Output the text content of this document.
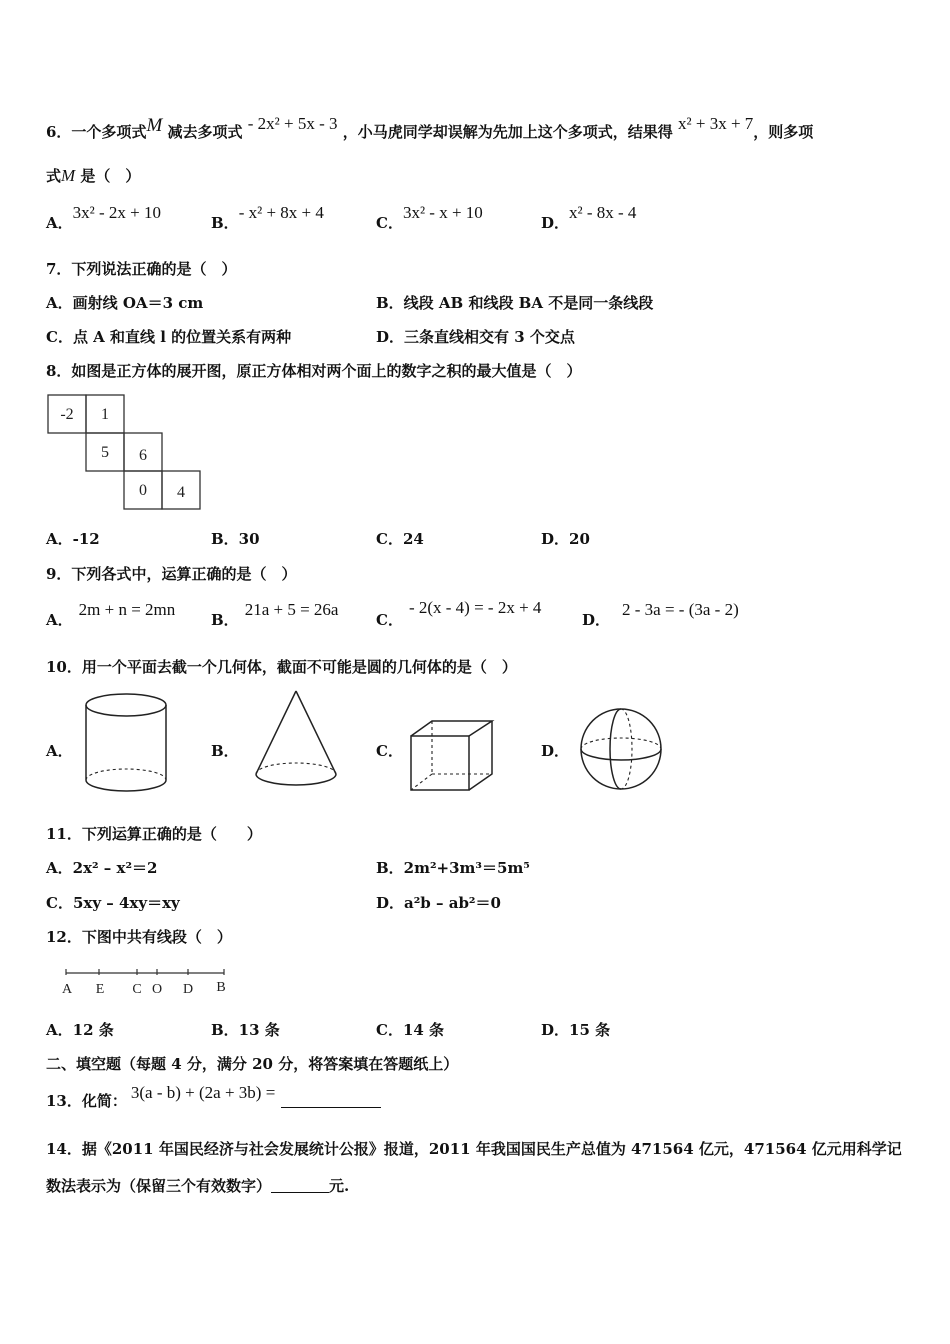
6．一个多项式M 减去多项式 - 2x² + 5x - 3 ，小马虎同学却误解为先加上这个多项式，结果得 x² + 3x + 7，则多项
式M 是（　）
A．3x² - 2x + 10
B．- x² + 8x + 4
C．3x² - x + 10
D．x² - 8x - 4
7．下列说法正确的是（　）
A．画射线 OA＝3 cm	B．线段 AB 和线段 BA 不是同一条线段
C．点 A 和直线 l 的位置关系有两种	D．三条直线相交有 3 个交点
8．如图是正方体的展开图，原正方体相对两个面上的数字之积的最大值是（　）
-2 1
5 6
0 4
A．-12	B．30	C．24	D．20
9．下列各式中，运算正确的是（　）
A．2m + n = 2mn
B．21a + 5 = 26a
C．- 2(x - 4) = - 2x + 4
D．2 - 3a = - (3a - 2)
10．用一个平面去截一个几何体，截面不可能是圆的几何体的是（　）
A．	B．	C．	D．
11．下列运算正确的是（　　）
A．2x² – x²＝2	B．2m²+3m³＝5m⁵
C．5xy – 4xy＝xy	D．a²b – ab²＝0
12．下图中共有线段（　）
A E C O D B
A．12 条	B．13 条	C．14 条	D．15 条
二、填空题（每题 4 分，满分 20 分，将答案填在答题纸上）
13．化简： 3(a - b) + (2a + 3b) =
14．据《2011 年国民经济与社会发展统计公报》报道，2011 年我国国民生产总值为 471564 亿元，471564 亿元用科学记
数法表示为（保留三个有效数字）	元.
